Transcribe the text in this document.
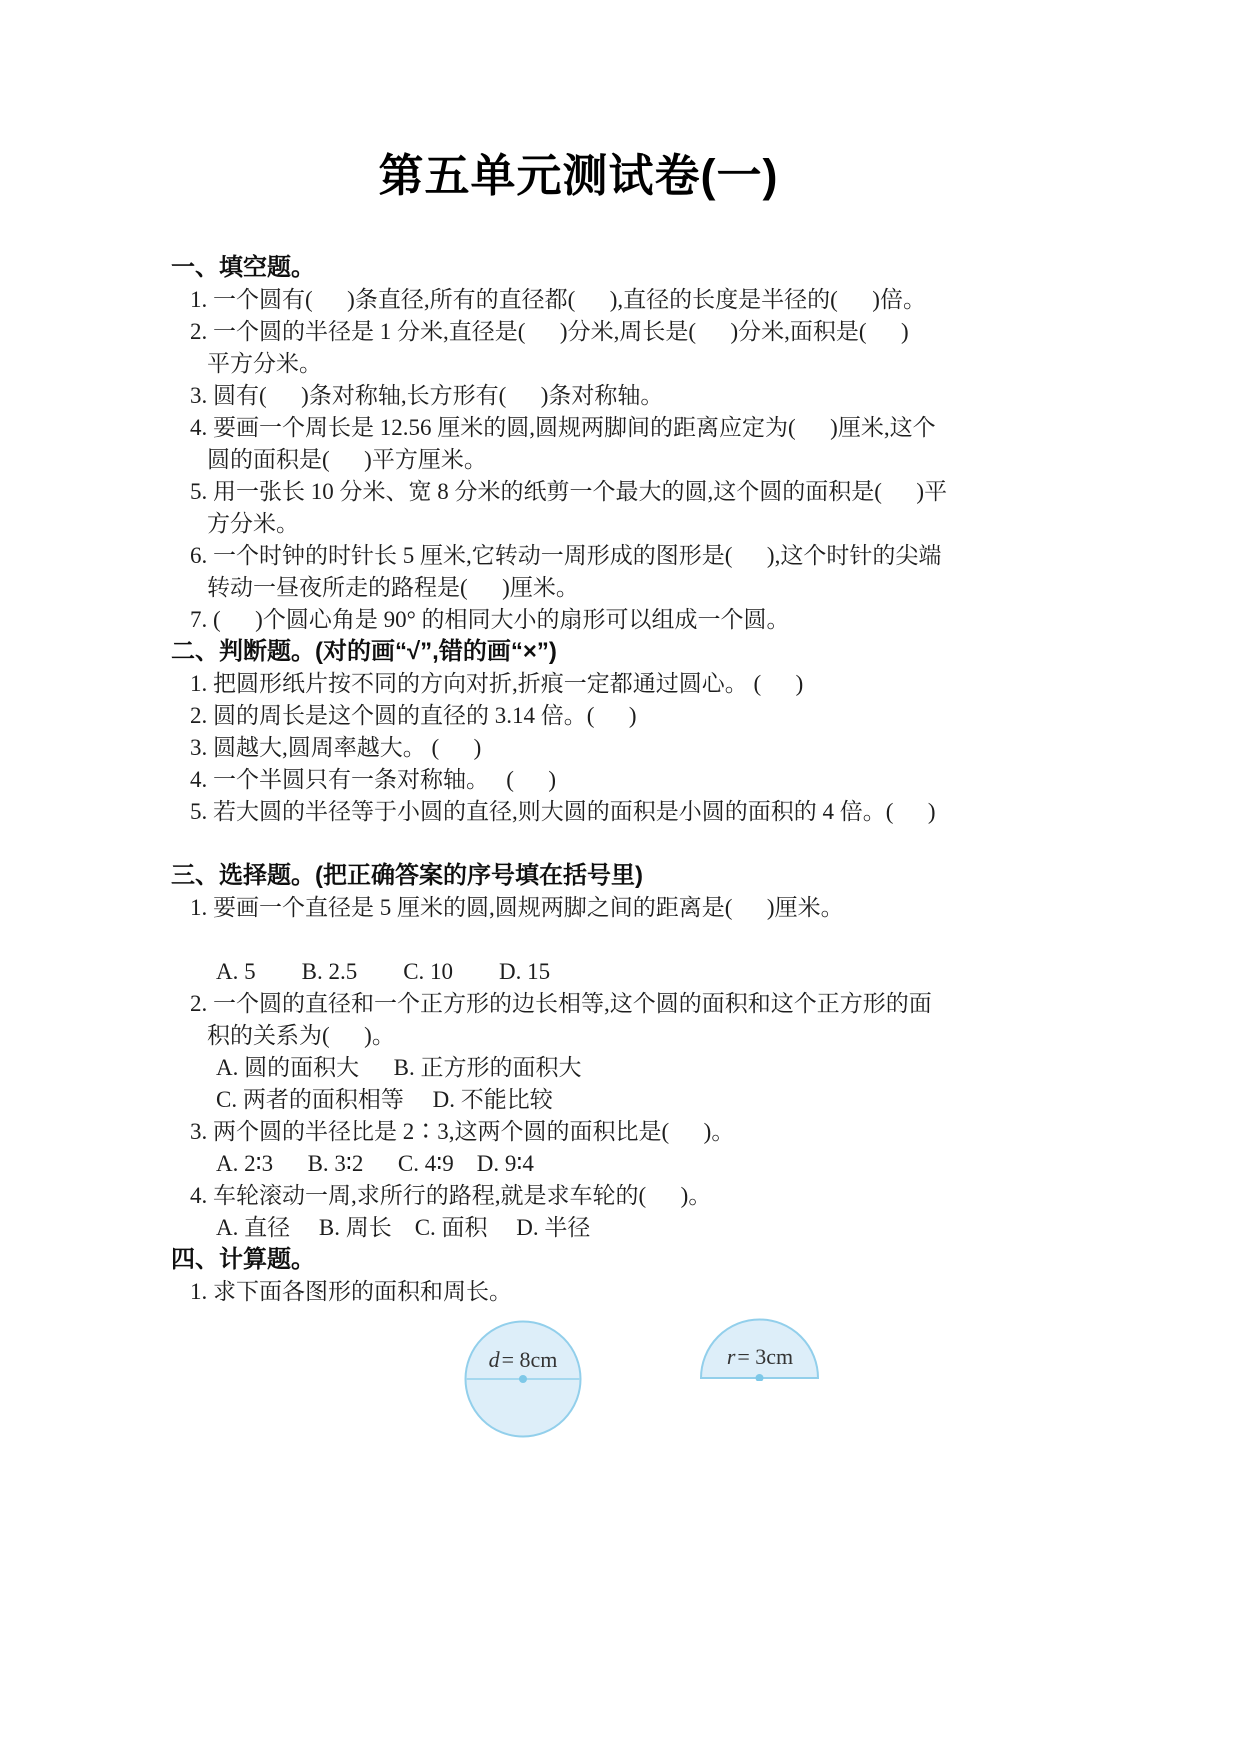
第五单元测试卷(一)
一、填空题。
1. 一个圆有(      )条直径,所有的直径都(      ),直径的长度是半径的(      )倍。
2. 一个圆的半径是 1 分米,直径是(      )分米,周长是(      )分米,面积是(      )
平方分米。
3. 圆有(      )条对称轴,长方形有(      )条对称轴。
4. 要画一个周长是 12.56 厘米的圆,圆规两脚间的距离应定为(      )厘米,这个
圆的面积是(      )平方厘米。
5. 用一张长 10 分米、宽 8 分米的纸剪一个最大的圆,这个圆的面积是(      )平
方分米。
6. 一个时钟的时针长 5 厘米,它转动一周形成的图形是(      ),这个时针的尖端
转动一昼夜所走的路程是(      )厘米。
7. (      )个圆心角是 90° 的相同大小的扇形可以组成一个圆。
二、判断题。(对的画“√”,错的画“×”)
1. 把圆形纸片按不同的方向对折,折痕一定都通过圆心。 (      )
2. 圆的周长是这个圆的直径的 3.14 倍。(      )
3. 圆越大,圆周率越大。 (      )
4. 一个半圆只有一条对称轴。   (      )
5. 若大圆的半径等于小圆的直径,则大圆的面积是小圆的面积的 4 倍。(      )
三、选择题。(把正确答案的序号填在括号里)
1. 要画一个直径是 5 厘米的圆,圆规两脚之间的距离是(      )厘米。
A. 5        B. 2.5        C. 10        D. 15
2. 一个圆的直径和一个正方形的边长相等,这个圆的面积和这个正方形的面
积的关系为(      )。
A. 圆的面积大      B. 正方形的面积大
C. 两者的面积相等     D. 不能比较
3. 两个圆的半径比是 2∶3,这两个圆的面积比是(      )。
A. 2∶3      B. 3∶2      C. 4∶9    D. 9∶4
4. 车轮滚动一周,求所行的路程,就是求车轮的(      )。
A. 直径     B. 周长    C. 面积     D. 半径
四、计算题。
1. 求下面各图形的面积和周长。
d= 8cm	r= 3cm
